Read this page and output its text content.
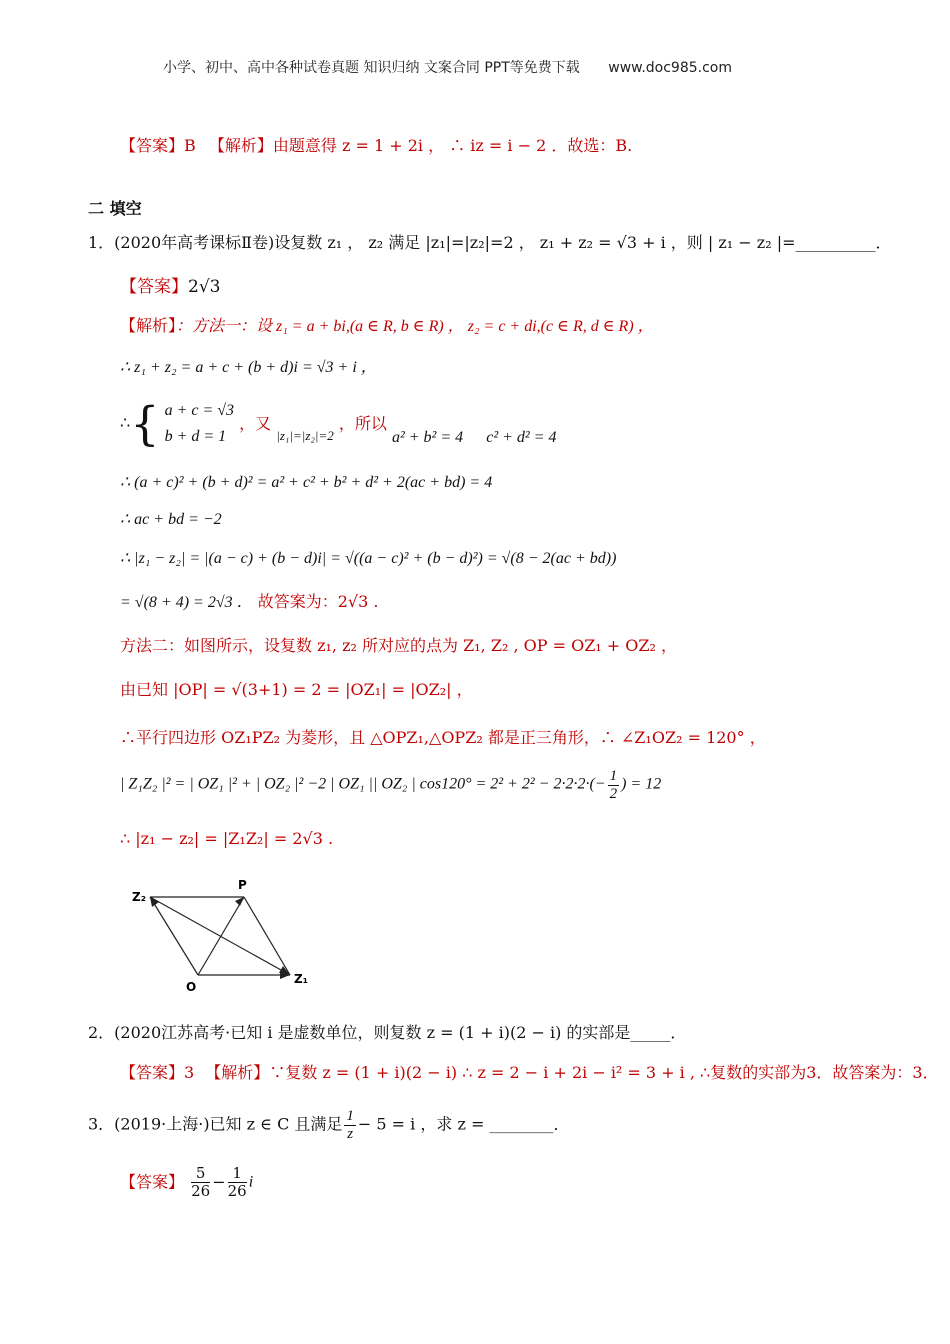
小学、初中、高中各种试卷真题 知识归纳 文案合同 PPT等免费下载 www.doc985.com
【答案】B 【解析】由题意得 z = 1 + 2i ， ∴ iz = i − 2 ．故选：B.
二 填空
1．(2020年高考课标Ⅱ卷)设复数 z₁ ， z₂ 满足 |z₁|=|z₂|=2 ， z₁ + z₂ = √3 + i ，则 | z₁ − z₂ |=__________．
【答案】2√3
【解析】：方法一：设 z₁ = a + bi,(a ∈ R, b ∈ R) ， z₂ = c + di,(c ∈ R, d ∈ R) ，
∴ z₁ + z₂ = a + c + (b + d)i = √3 + i ，
∴{ a + c = √3
b + d = 1
，又 $_{|z_1|=|z_2|=2}$ ，所以 a² + b² = 4 c² + d² = 4
∴ (a + c)² + (b + d)² = a² + c² + b² + d² + 2(ac + bd) = 4
∴ ac + bd = −2
∴ |z₁ − z₂| = |(a − c) + (b − d)i| = √((a − c)² + (b − d)²) = √(8 − 2(ac + bd))
= √(8 + 4) = 2√3 ． 故答案为：2√3 .
方法二：如图所示，设复数 z₁, z₂ 所对应的点为 Z₁, Z₂ , OP = OZ₁ + OZ₂ ，
由已知 |OP| = √(3+1) = 2 = |OZ₁| = |OZ₂| ，
∴平行四边形 OZ₁PZ₂ 为菱形，且 △OPZ₁,△OPZ₂ 都是正三角形，∴ ∠Z₁OZ₂ = 120° ，
| Z₁Z₂ |² = | OZ₁ |² + | OZ₂ |² −2 | OZ₁ || OZ₂ | $\cos 120^\circ = 2^2 + 2^2 - 2\cdot 2\cdot 2\cdot(- \frac{1}{2}$ ) = 12
∴ |z₁ − z₂| = |Z₁Z₂| = 2√3 .
Z₂
P
O
Z₁
2．(2020江苏高考·已知 i 是虚数单位，则复数 z = (1 + i)(2 − i) 的实部是_____．
【答案】3 【解析】∵复数 z = (1 + i)(2 − i) ∴ z = 2 − i + 2i − i² = 3 + i , ∴复数的实部为3．故答案为：3．
3．(2019·上海·)已知 z ∈ C 且满足 $\frac{1}{z} - 5 = i$ ，求 z = ________．
【答案】 $\frac{5}{26} - \frac{1}{26}$ i
